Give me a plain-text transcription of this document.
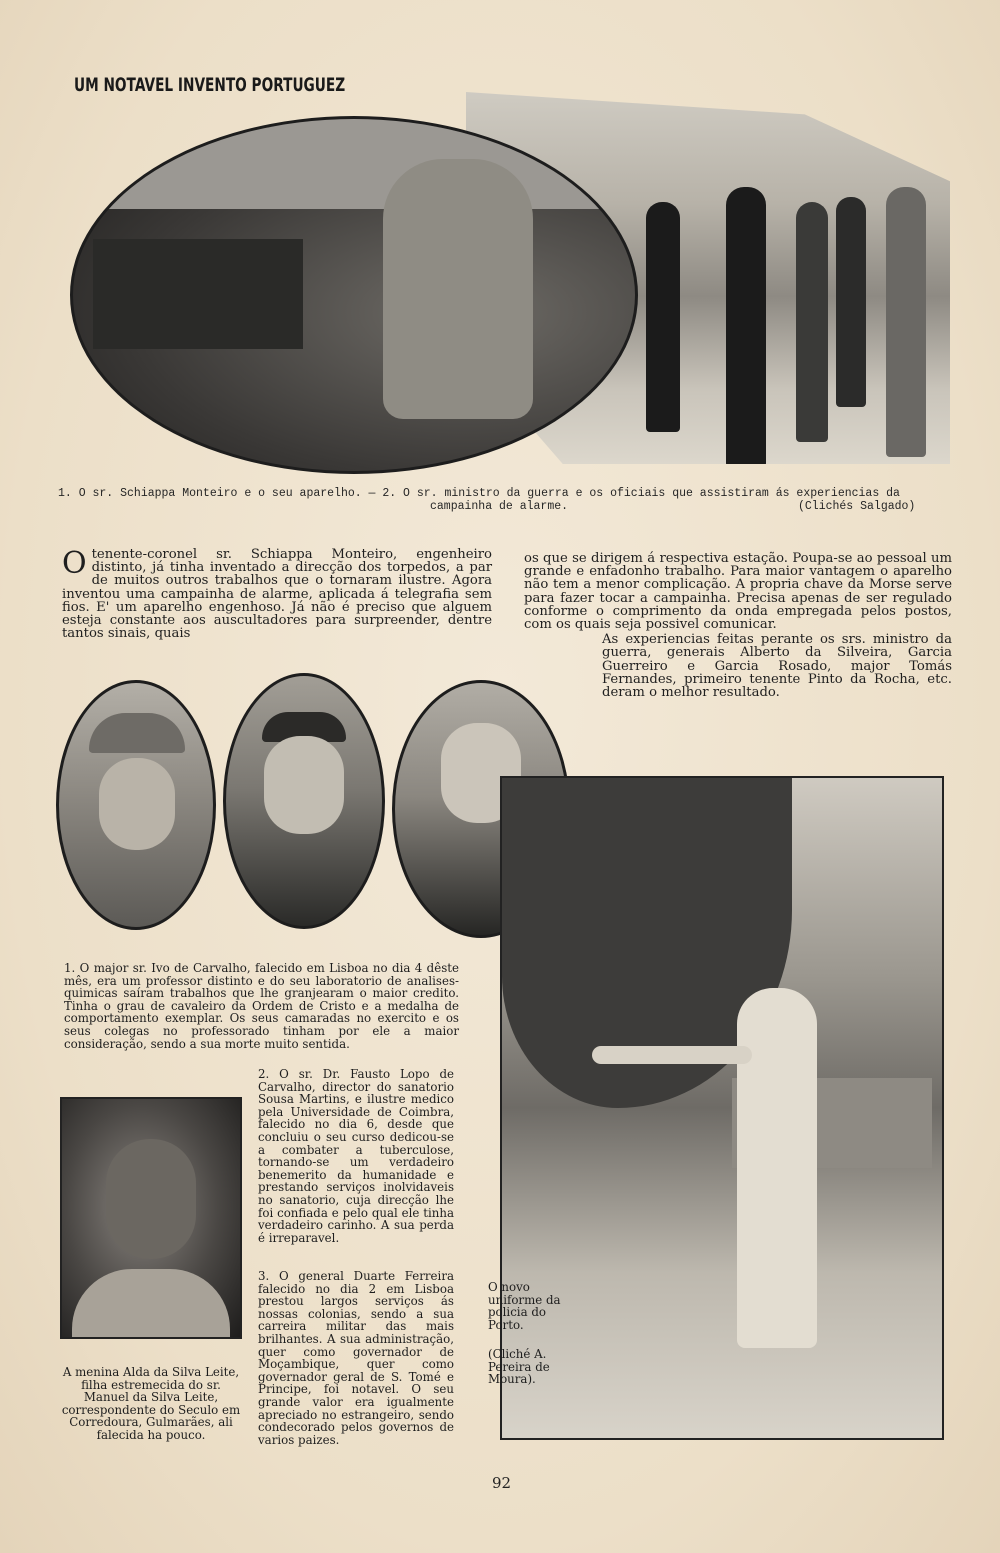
UM NOTAVEL INVENTO PORTUGUEZ
1. O sr. Schiappa Monteiro e o seu aparelho. — 2. O sr. ministro da guerra e os oficiais que assistiram ás experiencias da
campainha de alarme.	(Clichés Salgado)
O tenente-coronel sr. Schiappa Monteiro, engenheiro distinto, já tinha inventado a direcção dos torpedos, a par de muitos outros trabalhos que o tornaram ilustre. Agora inventou uma campainha de alarme, aplicada á telegrafia sem fios. E' um aparelho engenhoso. Já não é preciso que alguem esteja constante aos auscultadores para surpreender, dentre tantos sinais, quais
os que se dirigem á respectiva estação. Poupa-se ao pessoal um grande e enfadonho trabalho. Para maior vantagem o aparelho não tem a menor complicação. A propria chave da Morse serve para fazer tocar a campainha. Precisa apenas de ser regulado conforme o comprimento da onda empregada pelos postos, com os quais seja possivel comunicar.
As experiencias feitas perante os srs. ministro da guerra, generais Alberto da Silveira, Garcia Guerreiro e Garcia Rosado, major Tomás Fernandes, primeiro tenente Pinto da Rocha, etc. deram o melhor resultado.
1. O major sr. Ivo de Carvalho, falecido em Lisboa no dia 4 dêste mês, era um professor distinto e do seu laboratorio de analises-quimicas saíram trabalhos que lhe granjearam o maior credito. Tinha o grau de cavaleiro da Ordem de Cristo e a medalha de comportamento exemplar. Os seus camaradas no exercito e os seus colegas no professorado tinham por ele a maior consideração, sendo a sua morte muito sentida.
2. O sr. Dr. Fausto Lopo de Carvalho, director do sanatorio Sousa Martins, e ilustre medico pela Universidade de Coimbra, falecido no dia 6, desde que concluiu o seu curso dedicou-se a combater a tuberculose, tornando-se um verdadeiro benemerito da humanidade e prestando serviços inolvidaveis no sanatorio, cuja direcção lhe foi confiada e pelo qual ele tinha verdadeiro carinho. A sua perda é irreparavel.
3. O general Duarte Ferreira falecido no dia 2 em Lisboa prestou largos serviços ás nossas colonias, sendo a sua carreira militar das mais brilhantes. A sua administração, quer como governador de Moçambique, quer como governador geral de S. Tomé e Principe, foi notavel. O seu grande valor era igualmente apreciado no estrangeiro, sendo condecorado pelos governos de varios paizes.
A menina Alda da Silva Leite, filha estremecida do sr. Manuel da Silva Leite, correspondente do Seculo em Corredoura, Gulmarães, ali falecida ha pouco.
O novo uniforme da policia do Porto.
(Cliché A. Pereira de Moura).
92
